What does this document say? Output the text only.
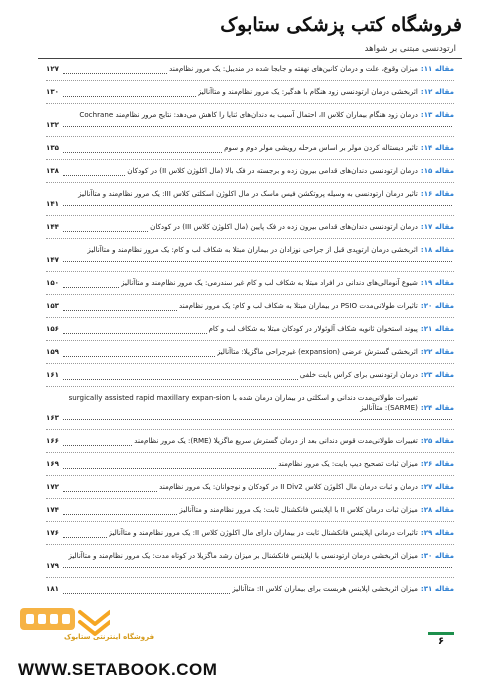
فروشگاه کتب پزشکی ستابوک
ارتودنسی مبتنی بر شواهد
مقاله ۱۱:
میزان وقوع، علت و درمان کانین‌های نهفته و جابجا شده در مندیبل: یک مرور نظام‌مند
۱۲۷
مقاله ۱۲:
اثربخشی درمان ارتودنسی زود هنگام با هدگیر: یک مرور نظام‌مند و متاآنالیز
۱۳۰
مقاله ۱۳:
درمان زود هنگام بیماران کلاس II، احتمال آسیب به دندان‌های ثنایا را کاهش می‌دهد: نتایج مرور نظام‌مند Cochrane
۱۳۲
مقاله ۱۴:
تاثیر دیستاله کردن مولر بر اساس مرحله رویشی مولر دوم و سوم
۱۳۵
مقاله ۱۵:
درمان ارتودنسی دندان‌های قدامی بیرون زده و برجسته در فک بالا (مال اکلوژن کلاس II) در کودکان
۱۳۸
مقاله ۱۶:
تاثیر درمان ارتودنسی به وسیله پروتکشن فیس ماسک در مال اکلوژن اسکلتی کلاس III: یک مرور نظام‌مند و متاآنالیز
۱۴۱
مقاله ۱۷:
درمان ارتودنسی دندان‌های قدامی بیرون زده در فک پایین (مال اکلوژن کلاس III) در کودکان
۱۴۴
مقاله ۱۸:
اثربخشی درمان ارتوپدی قبل از جراحی نوزادان در بیماران مبتلا به شکاف لب و کام: یک مرور نظام‌مند و متاآنالیز
۱۴۷
مقاله ۱۹:
شیوع آنومالی‌های دندانی در افراد مبتلا به شکاف لب و کام غیر سندرمی: یک مرور نظام‌مند و متاآنالیز
۱۵۰
مقاله ۲۰:
تاثیرات طولانی‌مدت PSIO در بیماران مبتلا به شکاف لب و کام: یک مرور نظام‌مند
۱۵۳
مقاله ۲۱:
پیوند استخوان ثانویه شکاف آلوئولار در کودکان مبتلا به شکاف لب و کام
۱۵۶
مقاله ۲۲:
اثربخشی گسترش عرضی (expansion) غیرجراحی ماگزیلا: متاآنالیز
۱۵۹
مقاله ۲۳:
درمان ارتودنسی برای کراس بایت خلفی
۱۶۱
مقاله ۲۴:
تغییرات طولانی‌مدت دندانی و اسکلتی در بیماران درمان شده با surgically assisted rapid maxillary expan-sion (SARME): متاآنالیز
۱۶۳
مقاله ۲۵:
تغییرات طولانی‌مدت قوس دندانی بعد از درمان گسترش سریع ماگزیلا (RME): یک مرور نظام‌مند
۱۶۶
مقاله ۲۶:
میزان ثبات تصحیح دیپ بایت: یک مرور نظام‌مند
۱۶۹
مقاله ۲۷:
درمان و ثبات درمان مال اکلوژن کلاس II Div2 در کودکان و نوجوانان: یک مرور نظام‌مند
۱۷۲
مقاله ۲۸:
میزان ثبات درمان کلاس II با اپلاینس فانکشنال ثابت: یک مرور نظام‌مند و متاآنالیز
۱۷۴
مقاله ۲۹:
تاثیرات درمانی اپلاینس فانکشنال ثابت در بیماران دارای مال اکلوژن کلاس II: یک مرور نظام‌مند و متاآنالیز
۱۷۶
مقاله ۳۰:
میزان اثربخشی درمان ارتودنسی با اپلاینس فانکشنال بر میزان رشد ماگزیلا در کوتاه مدت: یک مرور نظام‌مند و متاآنالیز
۱۷۹
مقاله ۳۱:
میزان اثربخشی اپلاینس هربست برای بیماران کلاس II: متاآنالیز
۱۸۱
فروشگاه اینترنتی ستابوک	۶
WWW.SETABOOK.COM
